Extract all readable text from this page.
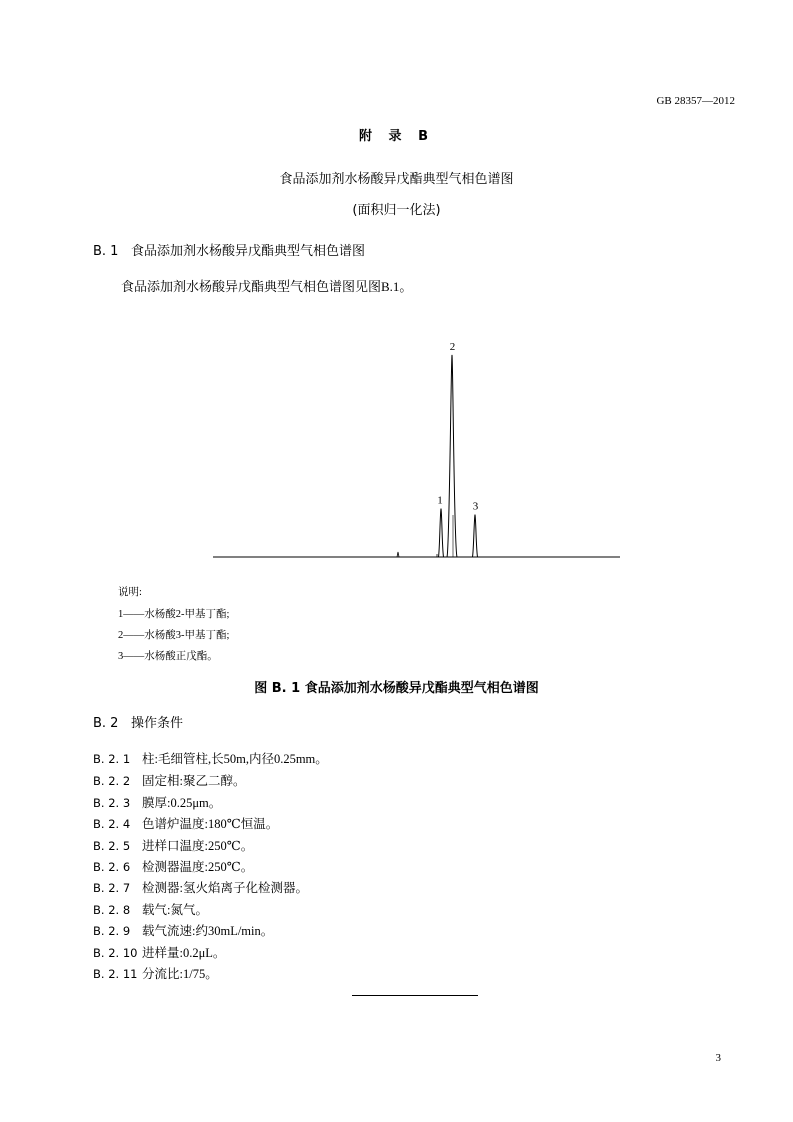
GB 28357—2012
附 录 B
食品添加剂水杨酸异戊酯典型气相色谱图
(面积归一化法)
B. 1 食品添加剂水杨酸异戊酯典型气相色谱图
食品添加剂水杨酸异戊酯典型气相色谱图见图B.1。
1
2
3
说明:
1——水杨酸2-甲基丁酯;
2——水杨酸3-甲基丁酯;
3——水杨酸正戊酯。
图 B. 1 食品添加剂水杨酸异戊酯典型气相色谱图
B. 2 操作条件
B. 2. 1 柱:毛细管柱,长50m,内径0.25mm。
B. 2. 2 固定相:聚乙二醇。
B. 2. 3 膜厚:0.25μm。
B. 2. 4 色谱炉温度:180℃恒温。
B. 2. 5 进样口温度:250℃。
B. 2. 6 检测器温度:250℃。
B. 2. 7 检测器:氢火焰离子化检测器。
B. 2. 8 载气:氮气。
B. 2. 9 载气流速:约30mL/min。
B. 2. 10 进样量:0.2μL。
B. 2. 11 分流比:1/75。
3
